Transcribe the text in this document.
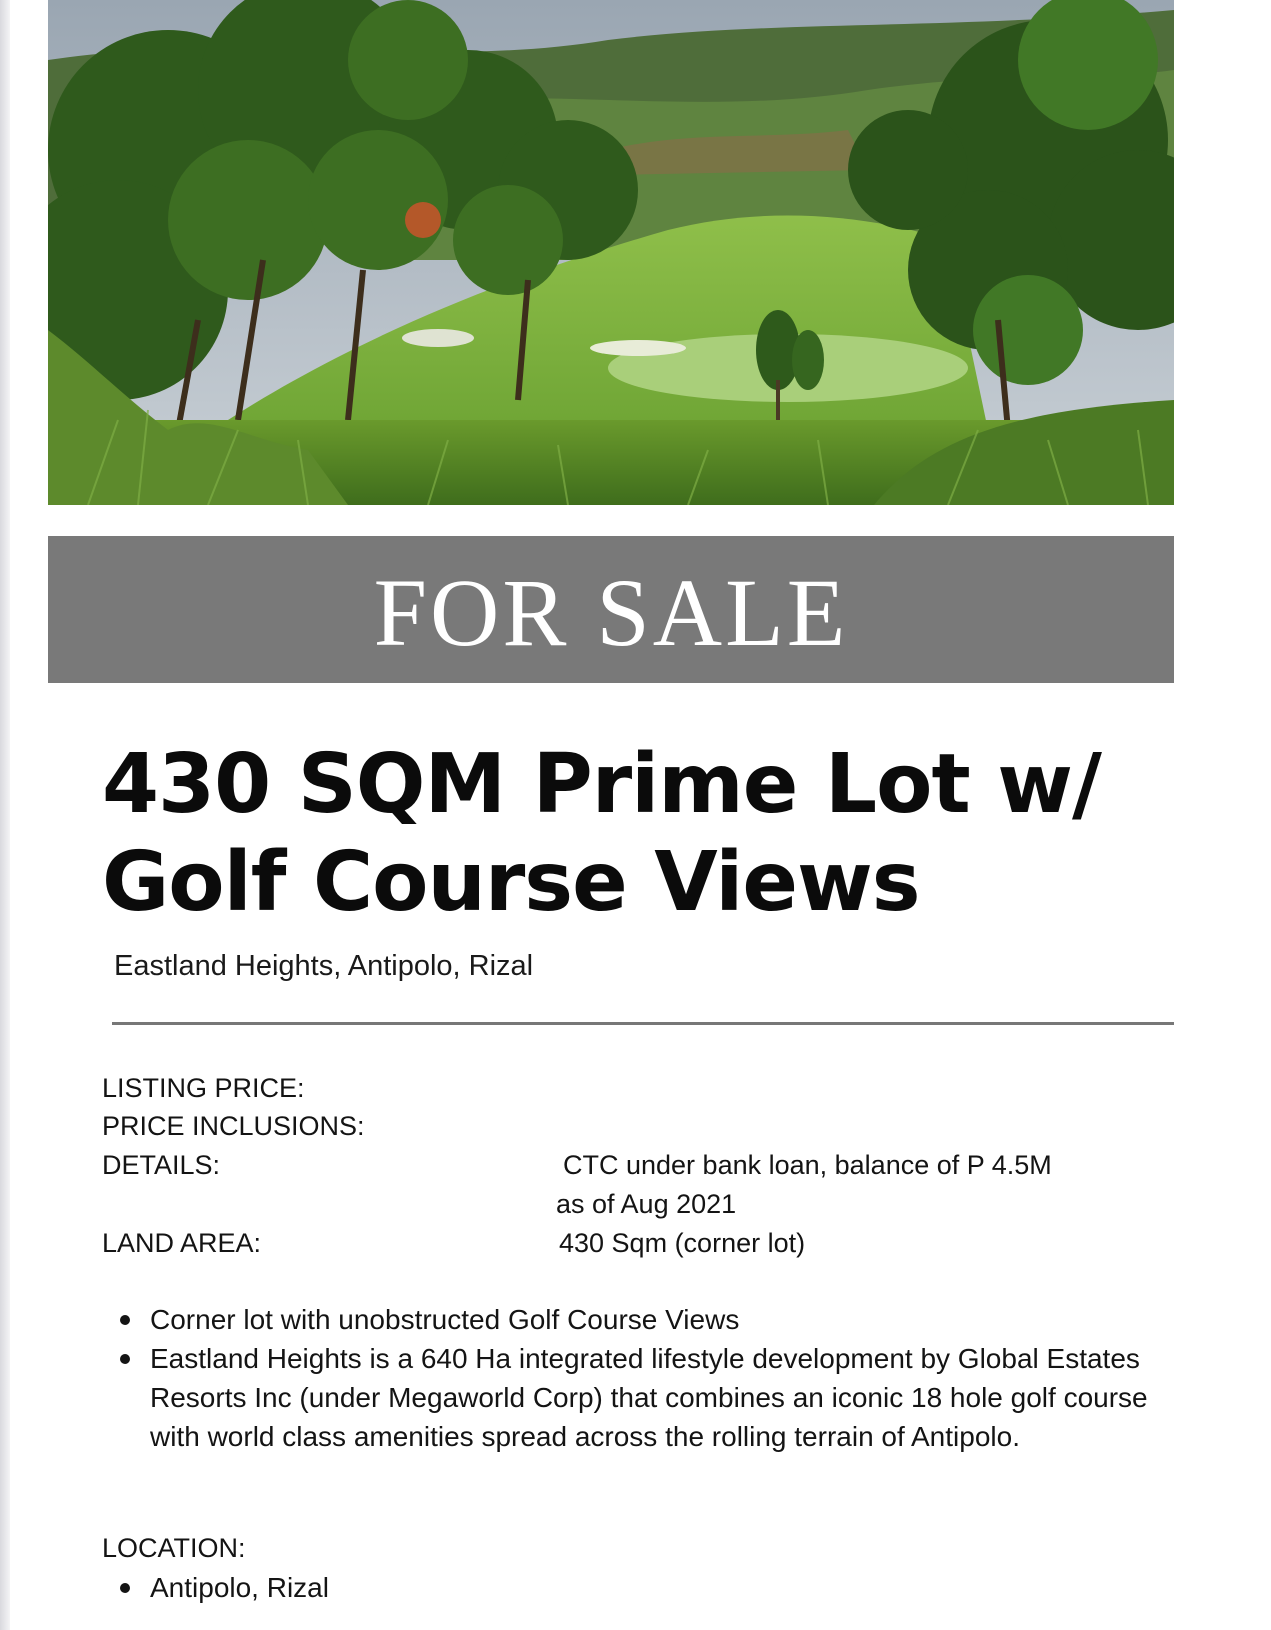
FOR SALE
430 SQM Prime Lot w/
Golf Course Views
Eastland Heights, Antipolo, Rizal
LISTING PRICE:
PRICE INCLUSIONS:
DETAILS:	CTC under bank loan, balance of P 4.5M
as of Aug 2021
LAND AREA:	430 Sqm (corner lot)
Corner lot with unobstructed Golf Course Views
Eastland Heights is a 640 Ha integrated lifestyle development by Global Estates Resorts Inc (under Megaworld Corp) that combines an iconic 18 hole golf course with world class amenities spread across the rolling terrain of Antipolo.
LOCATION:
Antipolo, Rizal
